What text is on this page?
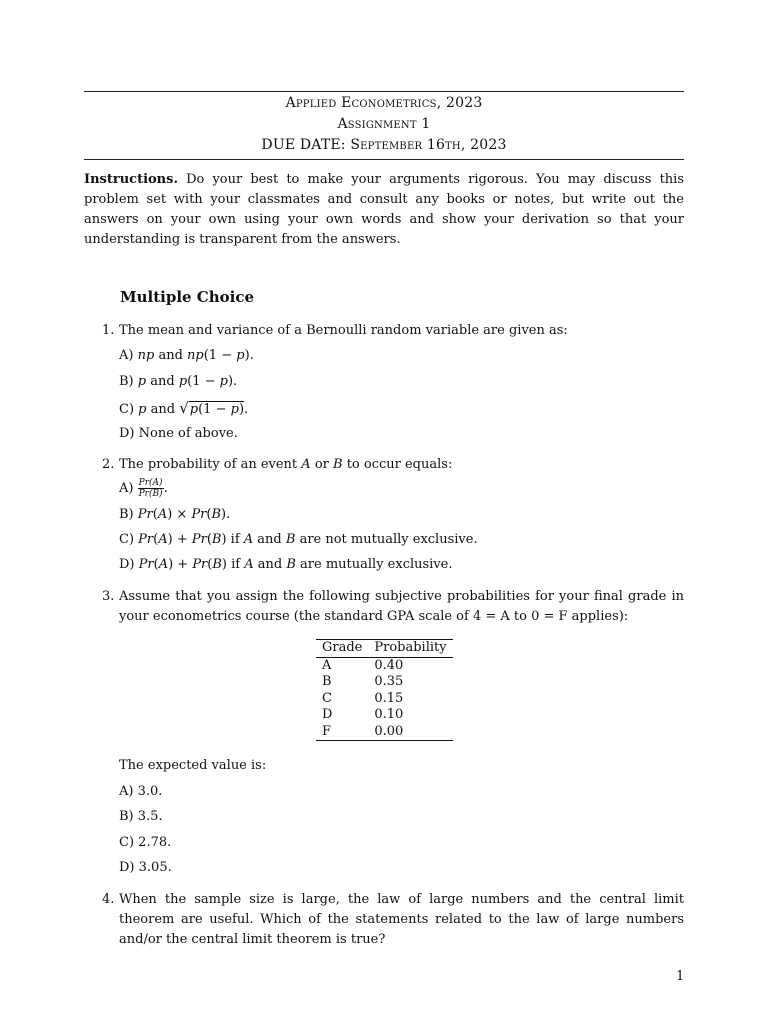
Applied Econometrics, 2023
Assignment 1
DUE DATE: September 16th, 2023
Instructions. Do your best to make your arguments rigorous. You may discuss this problem set with your classmates and consult any books or notes, but write out the answers on your own using your own words and show your derivation so that your understanding is transparent from the answers.
Multiple Choice
1. The mean and variance of a Bernoulli random variable are given as:
A) np and np(1 − p).
B) p and p(1 − p).
C) p and √p(1 − p).
D) None of above.
2. The probability of an event A or B to occur equals:
$A) \frac{Pr(A)}{Pr(B)}$ .
B) Pr(A) × Pr(B).
C) Pr(A) + Pr(B) if A and B are not mutually exclusive.
D) Pr(A) + Pr(B) if A and B are mutually exclusive.
3. Assume that you assign the following subjective probabilities for your final grade in your econometrics course (the standard GPA scale of 4 = A to 0 = F applies):
Grade	Probability
A	0.40
B	0.35
C	0.15
D	0.10
F	0.00
The expected value is:
A) 3.0.
B) 3.5.
C) 2.78.
D) 3.05.
4. When the sample size is large, the law of large numbers and the central limit theorem are useful. Which of the statements related to the law of large numbers and/or the central limit theorem is true?
1
